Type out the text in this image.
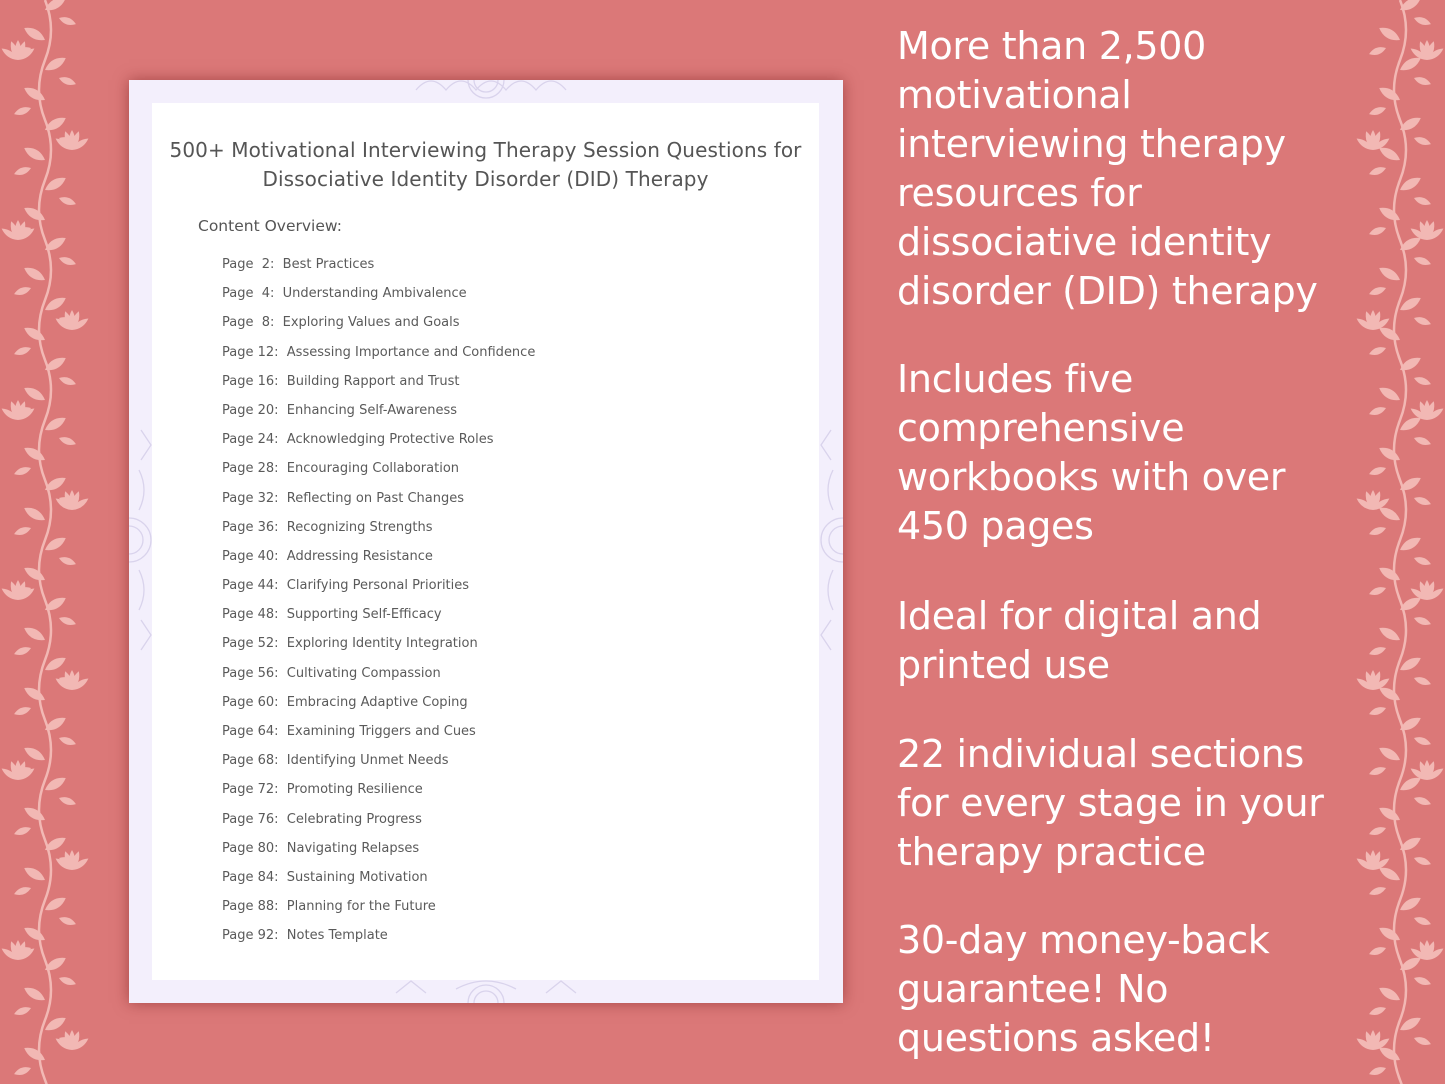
500+ Motivational Interviewing Therapy Session Questions for
Dissociative Identity Disorder (DID) Therapy
Content Overview:
Page  2:  Best Practices
Page  4:  Understanding Ambivalence
Page  8:  Exploring Values and Goals
Page 12:  Assessing Importance and Confidence
Page 16:  Building Rapport and Trust
Page 20:  Enhancing Self-Awareness
Page 24:  Acknowledging Protective Roles
Page 28:  Encouraging Collaboration
Page 32:  Reflecting on Past Changes
Page 36:  Recognizing Strengths
Page 40:  Addressing Resistance
Page 44:  Clarifying Personal Priorities
Page 48:  Supporting Self-Efficacy
Page 52:  Exploring Identity Integration
Page 56:  Cultivating Compassion
Page 60:  Embracing Adaptive Coping
Page 64:  Examining Triggers and Cues
Page 68:  Identifying Unmet Needs
Page 72:  Promoting Resilience
Page 76:  Celebrating Progress
Page 80:  Navigating Relapses
Page 84:  Sustaining Motivation
Page 88:  Planning for the Future
Page 92:  Notes Template

More than 2,500
motivational
interviewing therapy
resources for
dissociative identity
disorder (DID) therapy

Includes five
comprehensive
workbooks with over
450 pages

Ideal for digital and
printed use

22 individual sections
for every stage in your
therapy practice

30-day money-back
guarantee! No
questions asked!
